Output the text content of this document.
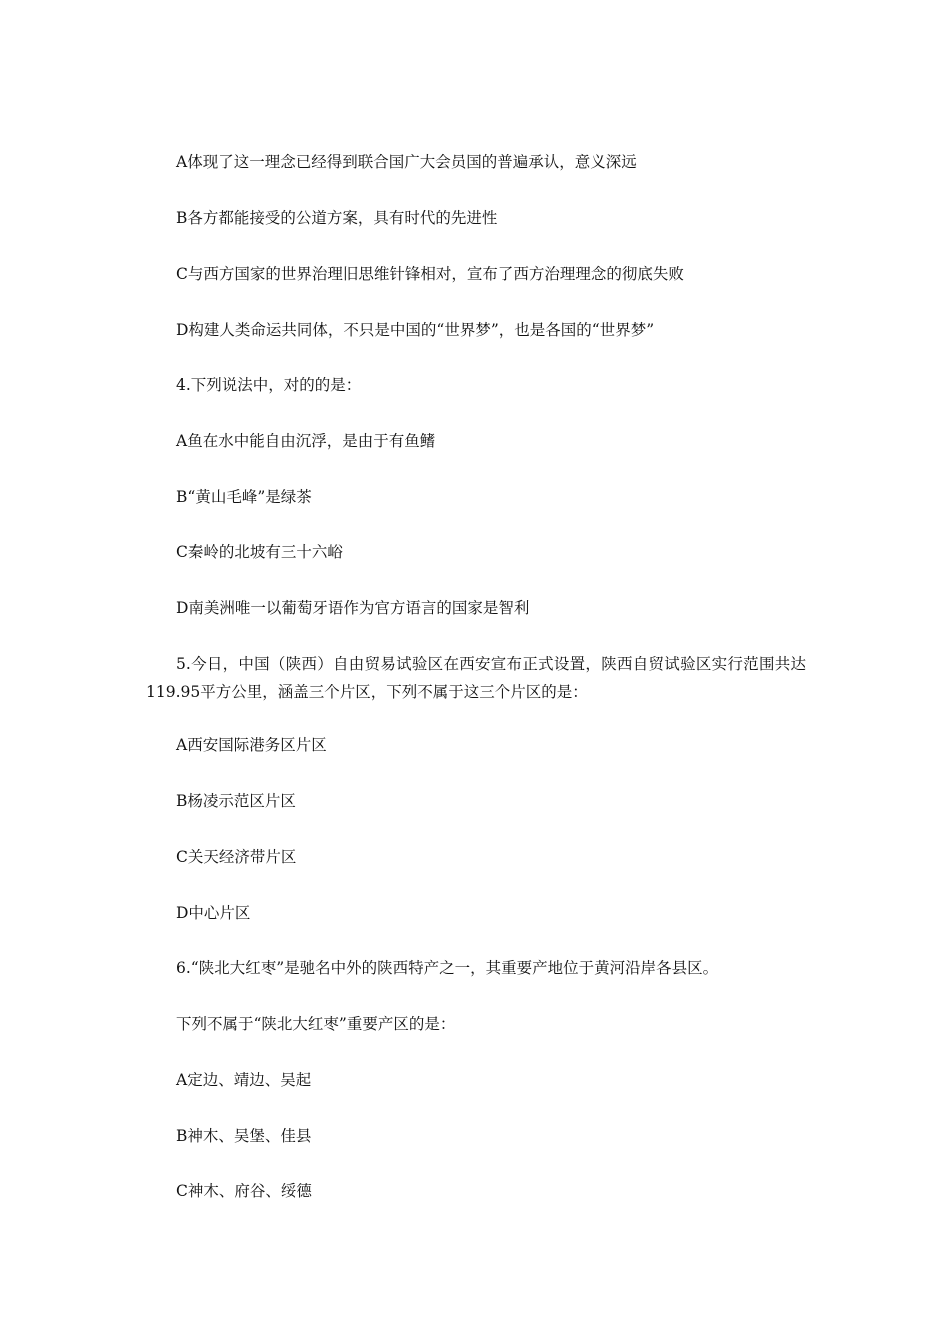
A体现了这一理念已经得到联合国广大会员国的普遍承认，意义深远
B各方都能接受的公道方案，具有时代的先进性
C与西方国家的世界治理旧思维针锋相对，宣布了西方治理理念的彻底失败
D构建人类命运共同体，不只是中国的“世界梦”，也是各国的“世界梦”
4.下列说法中，对的的是：
A鱼在水中能自由沉浮，是由于有鱼鳍
B“黄山毛峰”是绿茶
C秦岭的北坡有三十六峪
D南美洲唯一以葡萄牙语作为官方语言的国家是智利
5.今日，中国（陕西）自由贸易试验区在西安宣布正式设置，陕西自贸试验区实行范围共达119.95平方公里，涵盖三个片区，下列不属于这三个片区的是：
A西安国际港务区片区
B杨凌示范区片区
C关天经济带片区
D中心片区
6.“陕北大红枣”是驰名中外的陕西特产之一，其重要产地位于黄河沿岸各县区。
下列不属于“陕北大红枣”重要产区的是：
A定边、靖边、吴起
B神木、吴堡、佳县
C神木、府谷、绥德
